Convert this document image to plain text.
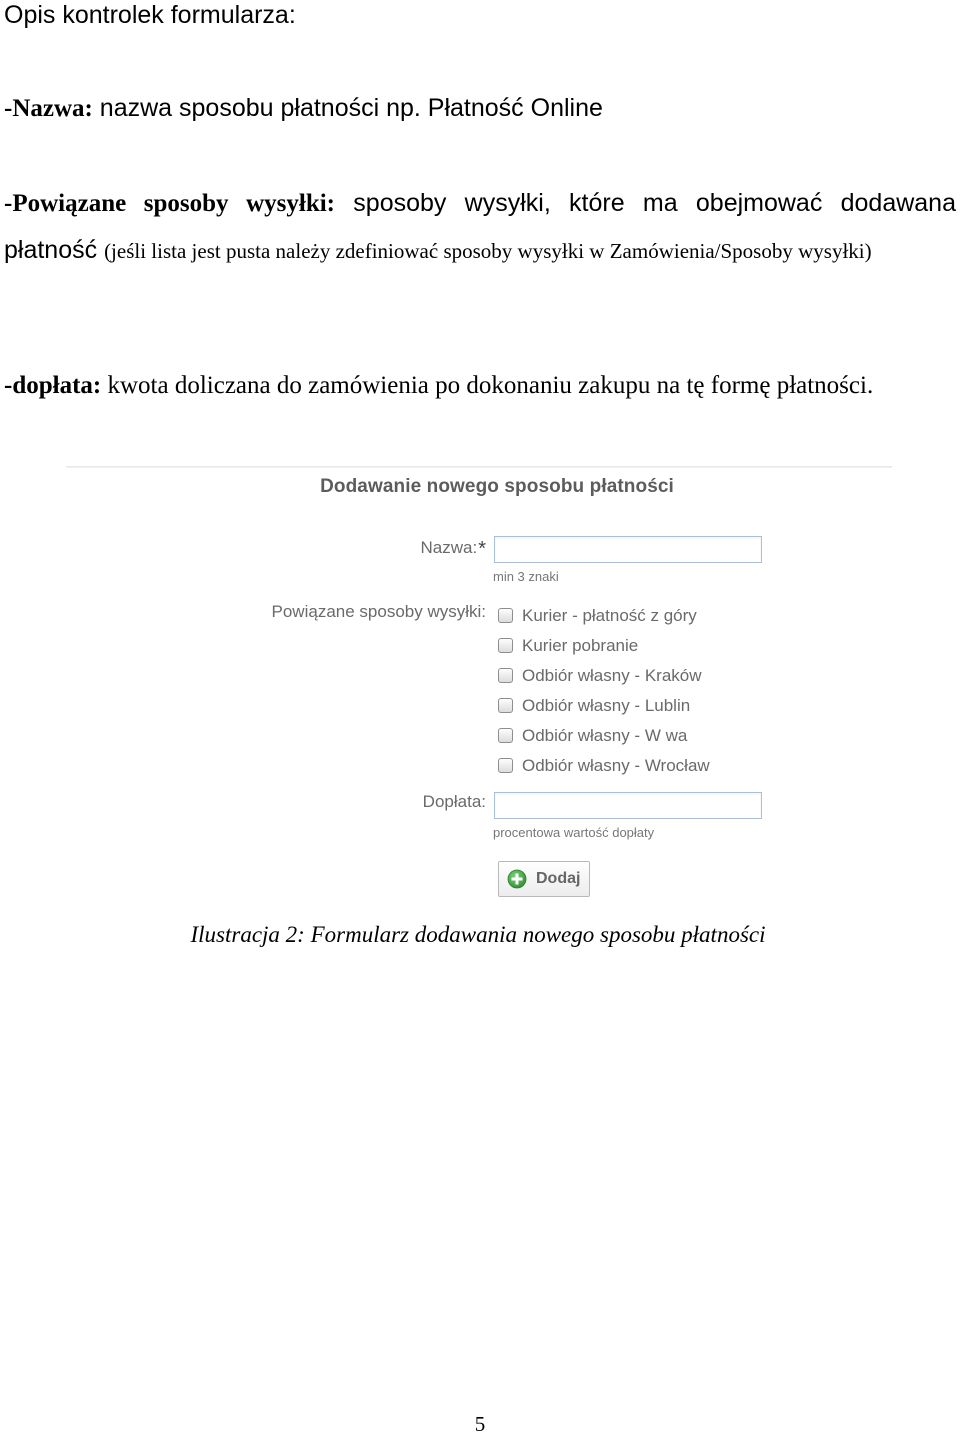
Opis kontrolek formularza:

-Nazwa: nazwa sposobu płatności np. Płatność Online

-Powiązane sposoby wysyłki: sposoby wysyłki, które ma obejmować dodawana płatność (jeśli lista jest pusta należy zdefiniować sposoby wysyłki w Zamówienia/Sposoby wysyłki)

-dopłata: kwota doliczana do zamówienia po dokonaniu zakupu na tę formę płatności.

Dodawanie nowego sposobu płatności
Nazwa:*
min 3 znaki
Powiązane sposoby wysyłki: Kurier - płatność z góry
Kurier pobranie
Odbiór własny - Kraków
Odbiór własny - Lublin
Odbiór własny - W wa
Odbiór własny - Wrocław
Dopłata:
procentowa wartość dopłaty
Dodaj
Ilustracja 2: Formularz dodawania nowego sposobu płatności
5
